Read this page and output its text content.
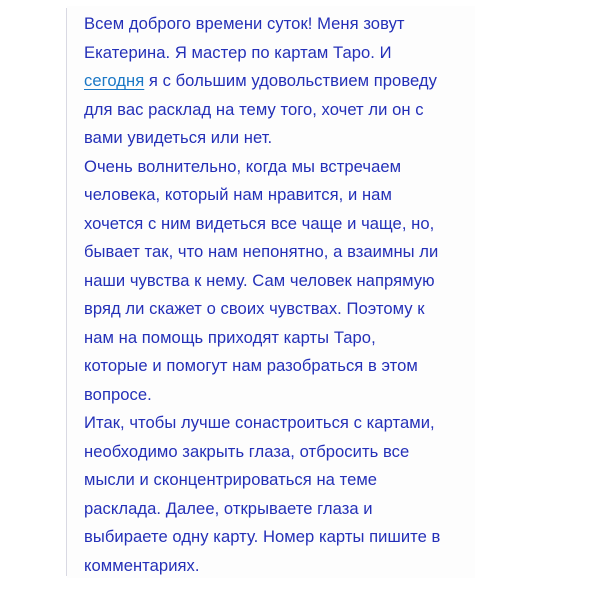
Всем доброго времени суток! Меня зовут
Екатерина. Я мастер по картам Таро. И
сегодня я с большим удовольствием проведу
для вас расклад на тему того, хочет ли он с
вами увидеться или нет.
Очень волнительно, когда мы встречаем
человека, который нам нравится, и нам
хочется с ним видеться все чаще и чаще, но,
бывает так, что нам непонятно, а взаимны ли
наши чувства к нему. Сам человек напрямую
вряд ли скажет о своих чувствах. Поэтому к
нам на помощь приходят карты Таро,
которые и помогут нам разобраться в этом
вопросе.
Итак, чтобы лучше сонастроиться с картами,
необходимо закрыть глаза, отбросить все
мысли и сконцентрироваться на теме
расклада. Далее, открываете глаза и
выбираете одну карту. Номер карты пишите в
комментариях.
